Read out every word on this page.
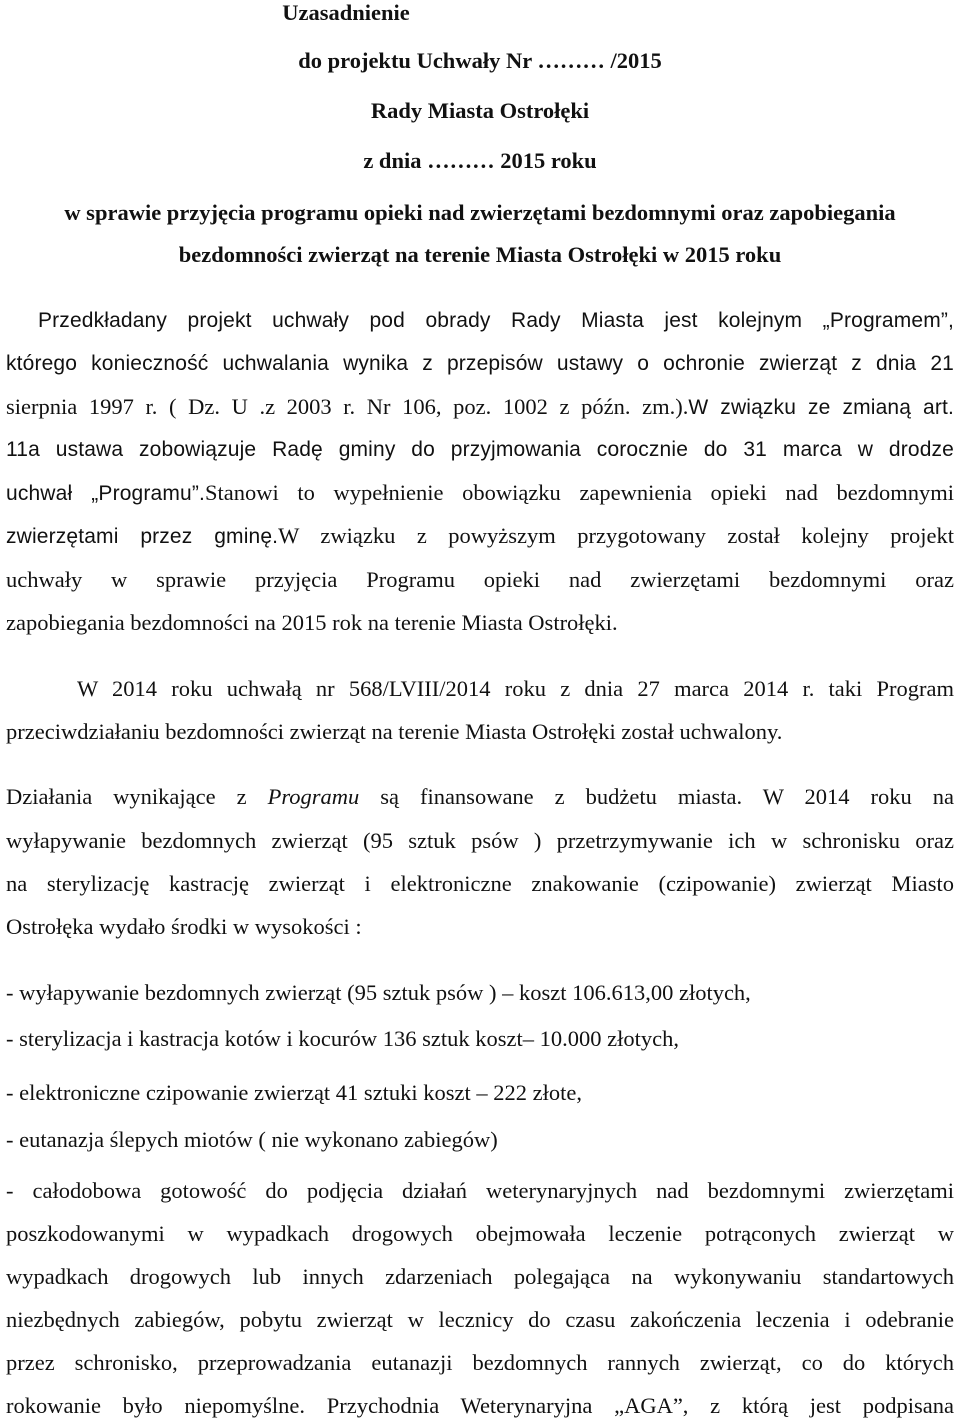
Uzasadnienie
do projektu Uchwały Nr ……… /2015
Rady Miasta Ostrołęki
z dnia ……… 2015 roku
w sprawie przyjęcia programu opieki nad zwierzętami bezdomnymi oraz zapobiegania
bezdomności zwierząt na terenie Miasta Ostrołęki w 2015 roku
Przedkładany projekt uchwały pod obrady Rady Miasta jest kolejnym „Programem”,
którego konieczność uchwalania wynika z przepisów ustawy o ochronie zwierząt z dnia 21
sierpnia 1997 r. ( Dz. U .z 2003 r. Nr 106, poz. 1002 z późn. zm.).W związku ze zmianą art.
11a ustawa zobowiązuje Radę gminy do przyjmowania corocznie do 31 marca w drodze
uchwał „Programu”.Stanowi to wypełnienie obowiązku zapewnienia opieki nad bezdomnymi
zwierzętami przez gminę.W związku z powyższym przygotowany został kolejny projekt
uchwały w sprawie przyjęcia Programu opieki nad zwierzętami bezdomnymi oraz
zapobiegania bezdomności na 2015 rok na terenie Miasta Ostrołęki.
W 2014 roku uchwałą nr 568/LVIII/2014 roku z dnia 27 marca 2014 r. taki Program
przeciwdziałaniu bezdomności zwierząt na terenie Miasta Ostrołęki został uchwalony.
Działania wynikające z Programu są finansowane z budżetu miasta. W 2014 roku na
wyłapywanie bezdomnych zwierząt (95 sztuk psów ) przetrzymywanie ich w schronisku oraz
na sterylizację kastrację zwierząt i elektroniczne znakowanie (czipowanie) zwierząt Miasto
Ostrołęka wydało środki w wysokości :
- wyłapywanie bezdomnych zwierząt (95 sztuk psów ) – koszt 106.613,00 złotych,
- sterylizacja i kastracja kotów i kocurów 136 sztuk koszt– 10.000 złotych,
- elektroniczne czipowanie zwierząt 41 sztuki koszt – 222 złote,
- eutanazja ślepych miotów ( nie wykonano zabiegów)
- całodobowa gotowość do podjęcia działań weterynaryjnych nad bezdomnymi zwierzętami
poszkodowanymi w wypadkach drogowych obejmowała leczenie potrąconych zwierząt w
wypadkach drogowych lub innych zdarzeniach polegająca na wykonywaniu standartowych
niezbędnych zabiegów, pobytu zwierząt w lecznicy do czasu zakończenia leczenia i odebranie
przez schronisko, przeprowadzania eutanazji bezdomnych rannych zwierząt, co do których
rokowanie było niepomyślne. Przychodnia Weterynaryjna „AGA”, z którą jest podpisana
